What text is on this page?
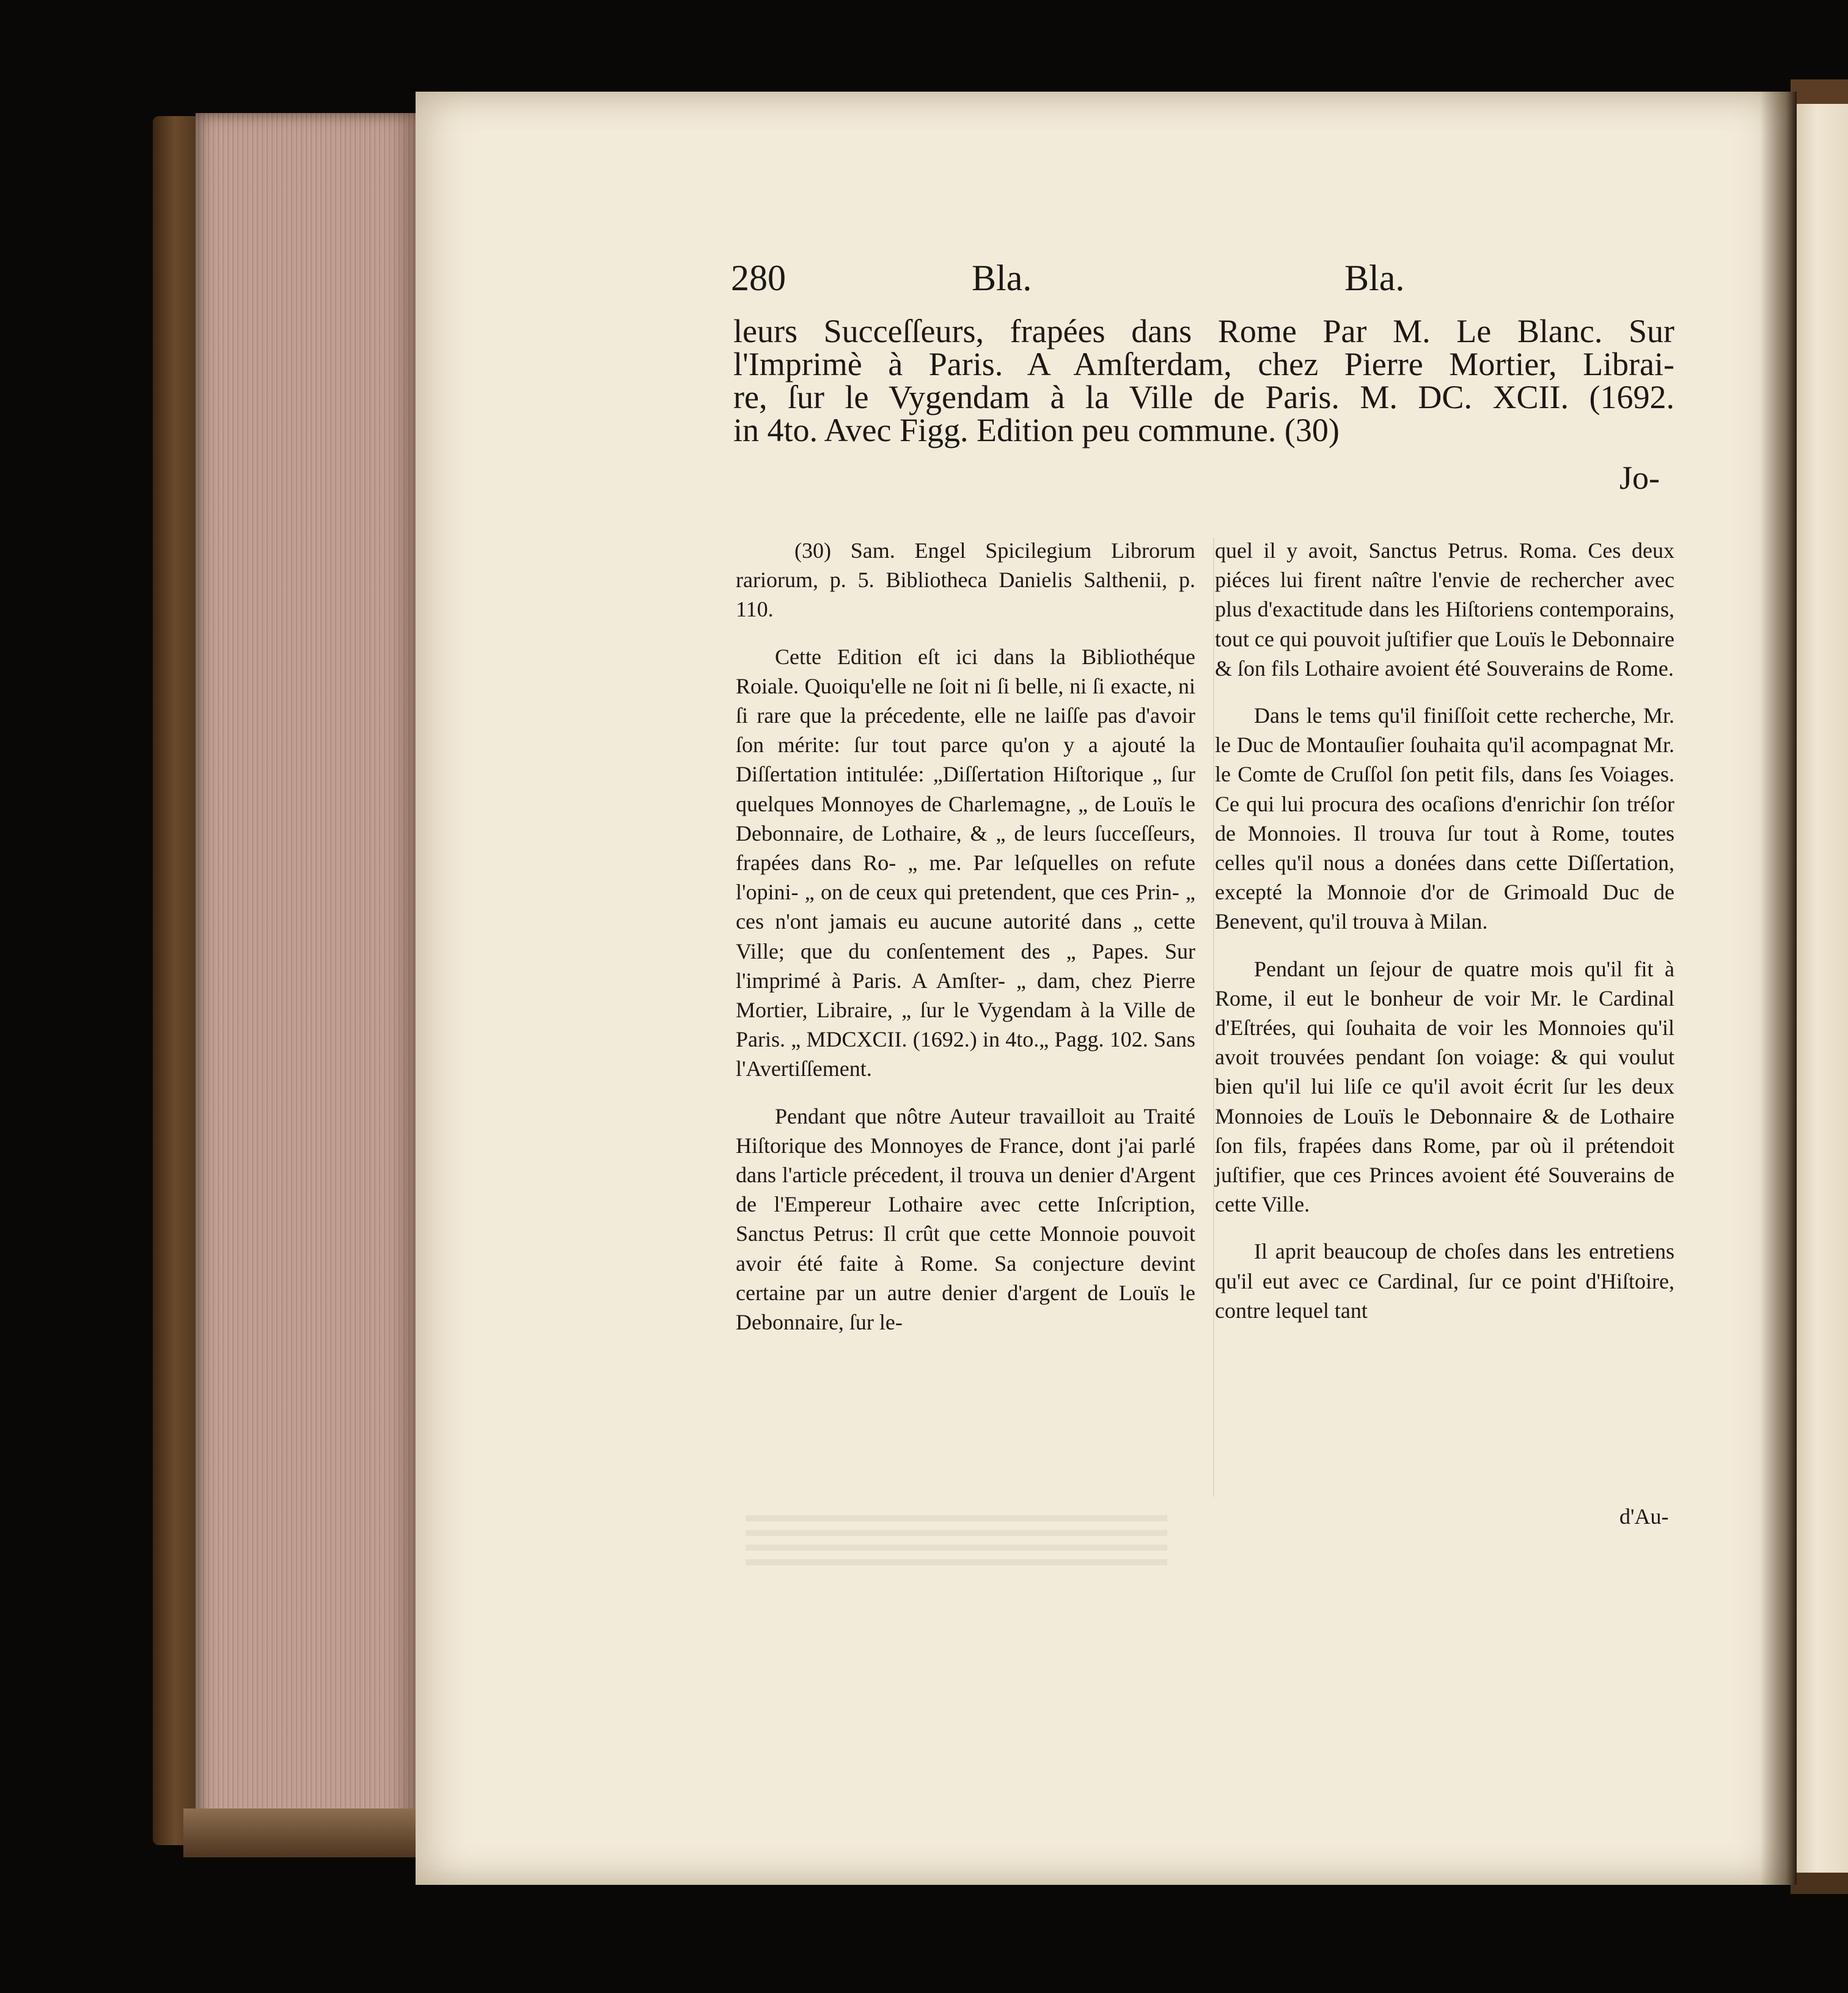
280	Bla.	Bla.
leurs Succeſſeurs, frapées dans Rome Par M. Le Blanc. Sur
l'Imprimè à Paris. A Amſterdam, chez Pierre Mortier, Librai-
re, ſur le Vygendam à la Ville de Paris. M. DC. XCII. (1692.
in 4to. Avec Figg. Edition peu commune. (30)
Jo-

(30) Sam. Engel Spicilegium Librorum rariorum, p. 5. Bibliotheca Danielis Salthenii, p. 110.

Cette Edition eſt ici dans la Bibliothéque Roiale. Quoiqu'elle ne ſoit ni ſi belle, ni ſi exacte, ni ſi rare que la précedente, elle ne laiſſe pas d'avoir ſon mérite: ſur tout parce qu'on y a ajouté la Diſſertation intitulée: „Diſſertation Hiſtorique „ ſur quelques Monnoyes de Charlemagne, „ de Louïs le Debonnaire, de Lothaire, & „ de leurs ſucceſſeurs, frapées dans Ro- „ me. Par leſquelles on refute l'opini- „ on de ceux qui pretendent, que ces Prin- „ ces n'ont jamais eu aucune autorité dans „ cette Ville; que du conſentement des „ Papes. Sur l'imprimé à Paris. A Amſter- „ dam, chez Pierre Mortier, Libraire, „ ſur le Vygendam à la Ville de Paris. „ MDCXCII. (1692.) in 4to.„ Pagg. 102. Sans l'Avertiſſement.

Pendant que nôtre Auteur travailloit au Traité Hiſtorique des Monnoyes de France, dont j'ai parlé dans l'article précedent, il trouva un denier d'Argent de l'Empereur Lothaire avec cette Inſcription, Sanctus Petrus: Il crût que cette Monnoie pouvoit avoir été faite à Rome. Sa conjecture devint certaine par un autre denier d'argent de Louïs le Debonnaire, ſur le-

quel il y avoit, Sanctus Petrus. Roma. Ces deux piéces lui firent naître l'envie de rechercher avec plus d'exactitude dans les Hiſtoriens contemporains, tout ce qui pouvoit juſtifier que Louïs le Debonnaire & ſon fils Lothaire avoient été Souverains de Rome.

Dans le tems qu'il finiſſoit cette recherche, Mr. le Duc de Montauſier ſouhaita qu'il acompagnat Mr. le Comte de Cruſſol ſon petit fils, dans ſes Voiages. Ce qui lui procura des ocaſions d'enrichir ſon tréſor de Monnoies. Il trouva ſur tout à Rome, toutes celles qu'il nous a donées dans cette Diſſertation, excepté la Monnoie d'or de Grimoald Duc de Benevent, qu'il trouva à Milan.

Pendant un ſejour de quatre mois qu'il fit à Rome, il eut le bonheur de voir Mr. le Cardinal d'Eſtrées, qui ſouhaita de voir les Monnoies qu'il avoit trouvées pendant ſon voiage: & qui voulut bien qu'il lui liſe ce qu'il avoit écrit ſur les deux Monnoies de Louïs le Debonnaire & de Lothaire ſon fils, frapées dans Rome, par où il prétendoit juſtifier, que ces Princes avoient été Souverains de cette Ville.

Il aprit beaucoup de choſes dans les entretiens qu'il eut avec ce Cardinal, ſur ce point d'Hiſtoire, contre lequel tant

d'Au-
